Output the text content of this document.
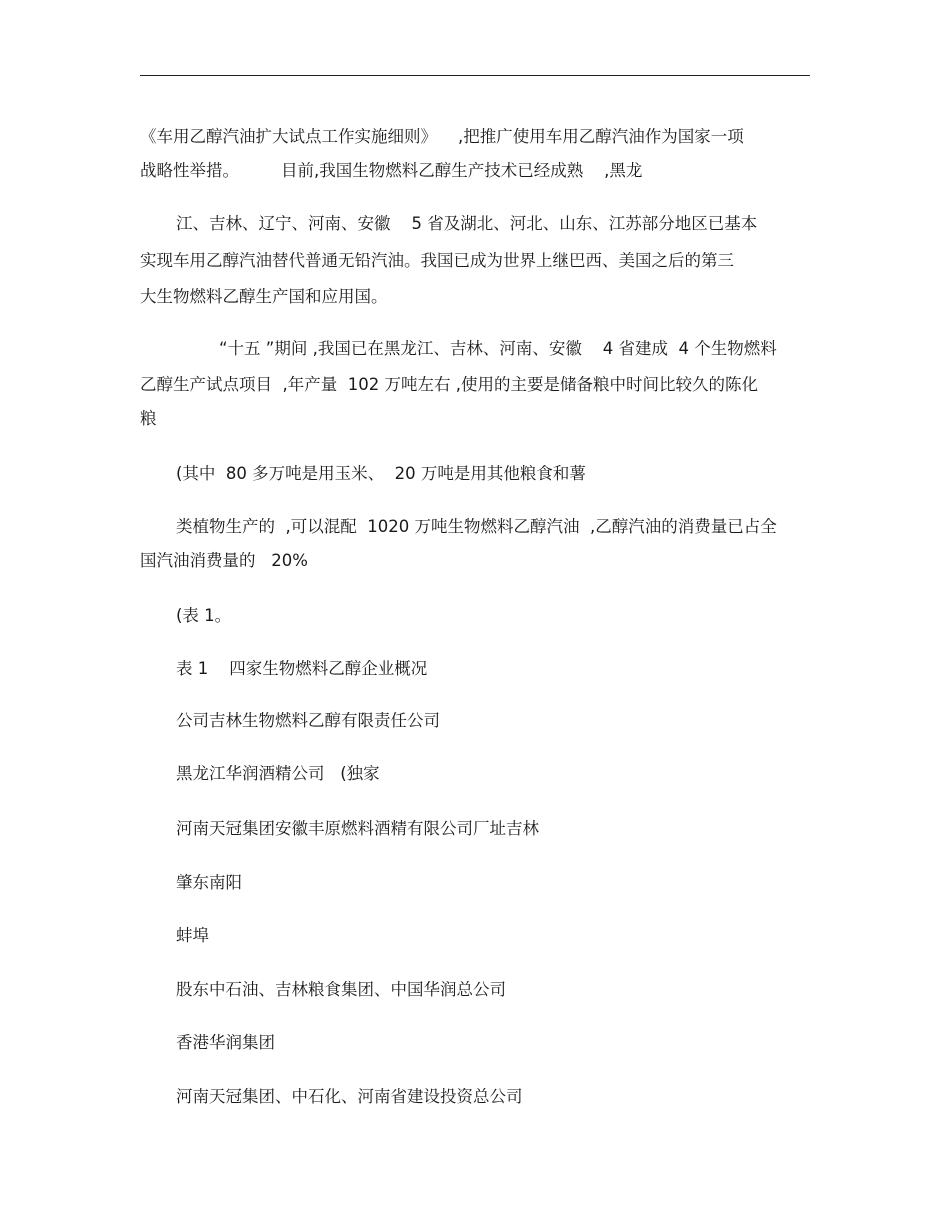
《车用乙醇汽油扩大试点工作实施细则》    ,把推广使用车用乙醇汽油作为国家一项
战略性举措。        目前,我国生物燃料乙醇生产技术已经成熟    ,黑龙
江、吉林、辽宁、河南、安徽    5 省及湖北、河北、山东、江苏部分地区已基本
实现车用乙醇汽油替代普通无铅汽油。我国已成为世界上继巴西、美国之后的第三
大生物燃料乙醇生产国和应用国。
“十五 ”期间 ,我国已在黑龙江、吉林、河南、安徽    4 省建成  4 个生物燃料
乙醇生产试点项目  ,年产量  102 万吨左右 ,使用的主要是储备粮中时间比较久的陈化
粮
(其中  80 多万吨是用玉米、  20 万吨是用其他粮食和薯
类植物生产的  ,可以混配  1020 万吨生物燃料乙醇汽油  ,乙醇汽油的消费量已占全
国汽油消费量的   20%
(表 1。
表 1    四家生物燃料乙醇企业概况
公司吉林生物燃料乙醇有限责任公司
黑龙江华润酒精公司   (独家
河南天冠集团安徽丰原燃料酒精有限公司厂址吉林
肇东南阳
蚌埠
股东中石油、吉林粮食集团、中国华润总公司
香港华润集团
河南天冠集团、中石化、河南省建设投资总公司
